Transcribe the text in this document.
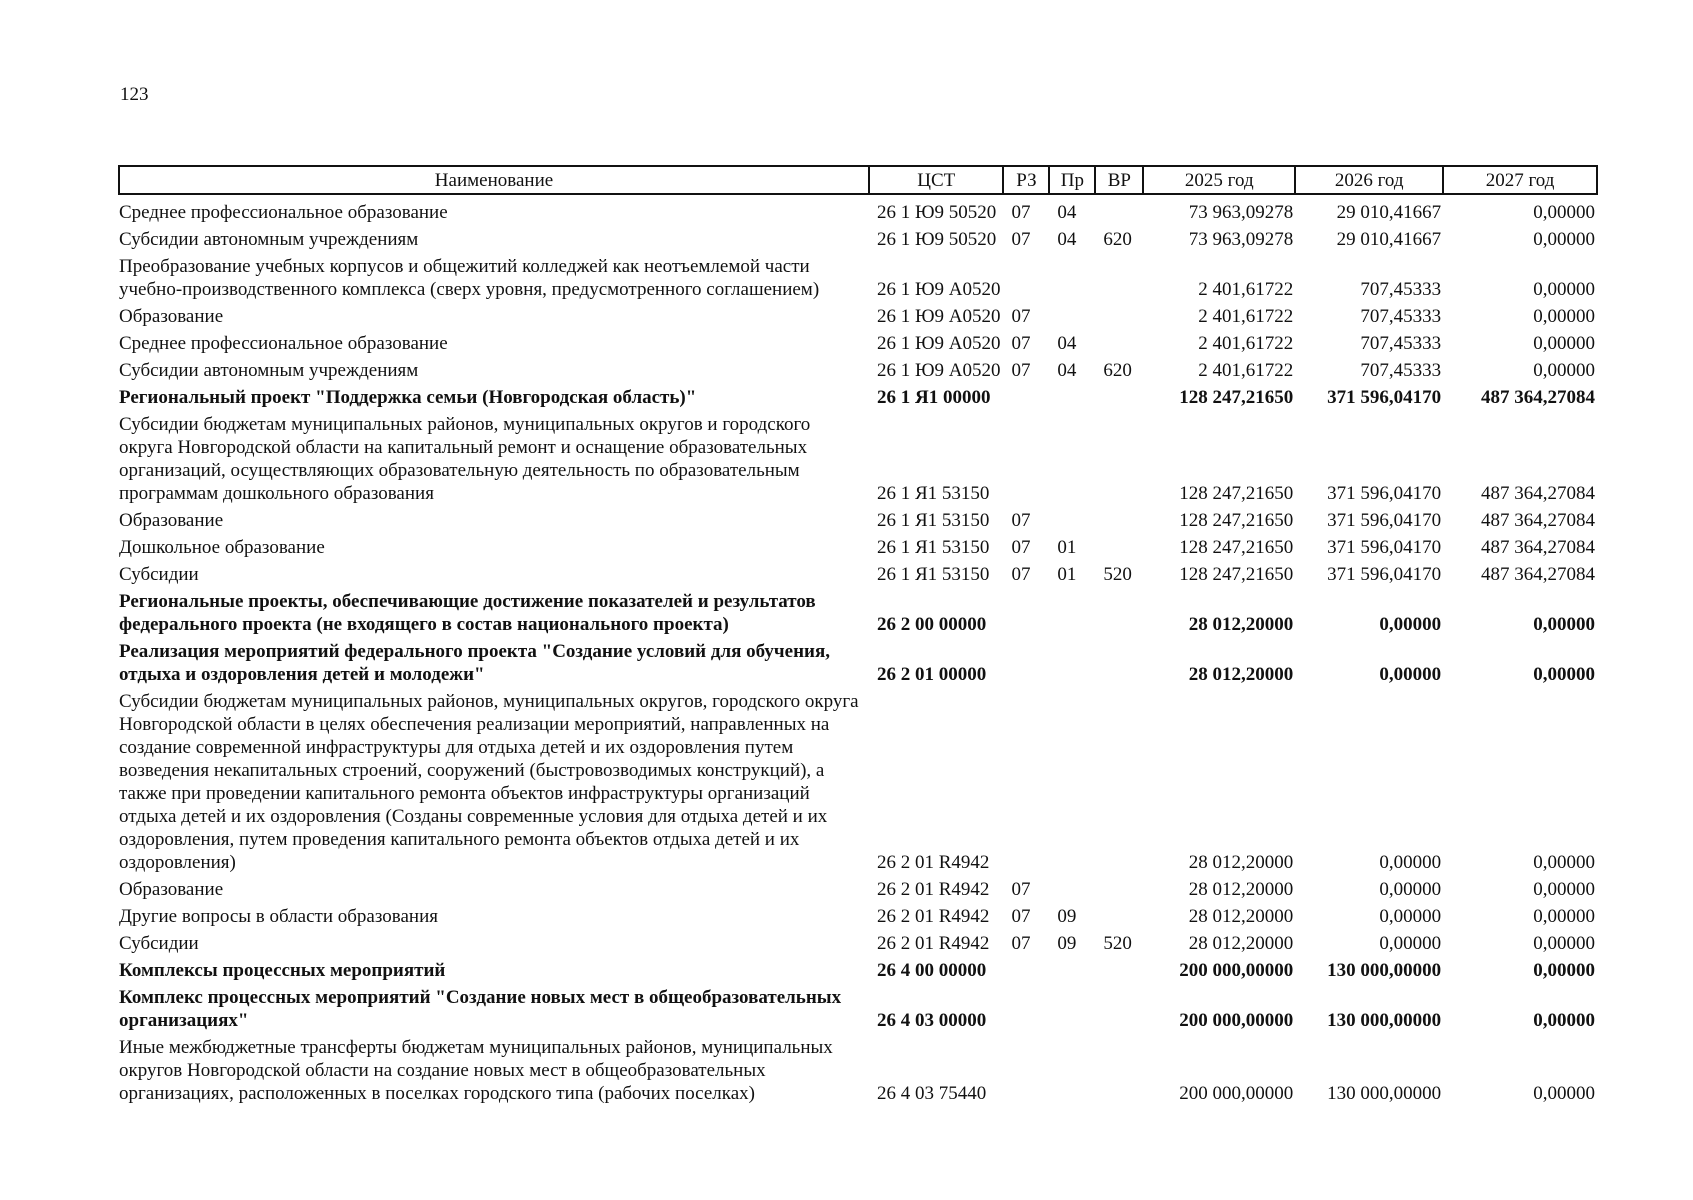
123
Наименование	ЦСТ	РЗ	Пр	ВР	2025 год	2026 год	2027 год
Среднее профессиональное образование	26 1 Ю9 50520	07	04		73 963,09278	29 010,41667	0,00000
Субсидии автономным учреждениям	26 1 Ю9 50520	07	04	620	73 963,09278	29 010,41667	0,00000
Преобразование учебных корпусов и общежитий колледжей как неотъемлемой части учебно-производственного комплекса (сверх уровня, предусмотренного соглашением)	26 1 Ю9 А0520				2 401,61722	707,45333	0,00000
Образование	26 1 Ю9 А0520	07			2 401,61722	707,45333	0,00000
Среднее профессиональное образование	26 1 Ю9 А0520	07	04		2 401,61722	707,45333	0,00000
Субсидии автономным учреждениям	26 1 Ю9 А0520	07	04	620	2 401,61722	707,45333	0,00000
Региональный проект "Поддержка семьи (Новгородская область)"	26 1 Я1 00000				128 247,21650	371 596,04170	487 364,27084
Субсидии бюджетам муниципальных районов, муниципальных округов и городского округа Новгородской области на капитальный ремонт и оснащение образовательных организаций, осуществляющих образовательную деятельность по образовательным программам дошкольного образования	26 1 Я1 53150				128 247,21650	371 596,04170	487 364,27084
Образование	26 1 Я1 53150	07			128 247,21650	371 596,04170	487 364,27084
Дошкольное образование	26 1 Я1 53150	07	01		128 247,21650	371 596,04170	487 364,27084
Субсидии	26 1 Я1 53150	07	01	520	128 247,21650	371 596,04170	487 364,27084
Региональные проекты, обеспечивающие достижение показателей и результатов федерального проекта (не входящего в состав национального проекта)	26 2 00 00000				28 012,20000	0,00000	0,00000
Реализация мероприятий федерального проекта "Создание условий для обучения, отдыха и оздоровления детей и молодежи"	26 2 01 00000				28 012,20000	0,00000	0,00000
Субсидии бюджетам муниципальных районов, муниципальных округов, городского округа Новгородской области в целях обеспечения реализации мероприятий, направленных на создание современной инфраструктуры для отдыха детей и их оздоровления путем возведения некапитальных строений, сооружений (быстровозводимых конструкций), а также при проведении капитального ремонта объектов инфраструктуры организаций отдыха детей и их оздоровления (Созданы современные условия для отдыха детей и их оздоровления, путем проведения капитального ремонта объектов отдыха детей и их оздоровления)	26 2 01 R4942				28 012,20000	0,00000	0,00000
Образование	26 2 01 R4942	07			28 012,20000	0,00000	0,00000
Другие вопросы в области образования	26 2 01 R4942	07	09		28 012,20000	0,00000	0,00000
Субсидии	26 2 01 R4942	07	09	520	28 012,20000	0,00000	0,00000
Комплексы процессных мероприятий	26 4 00 00000				200 000,00000	130 000,00000	0,00000
Комплекс процессных мероприятий "Создание новых мест в общеобразовательных организациях"	26 4 03 00000				200 000,00000	130 000,00000	0,00000
Иные межбюджетные трансферты бюджетам муниципальных районов, муниципальных округов Новгородской области на создание новых мест в общеобразовательных организациях, расположенных в поселках городского типа (рабочих поселках)	26 4 03 75440				200 000,00000	130 000,00000	0,00000
